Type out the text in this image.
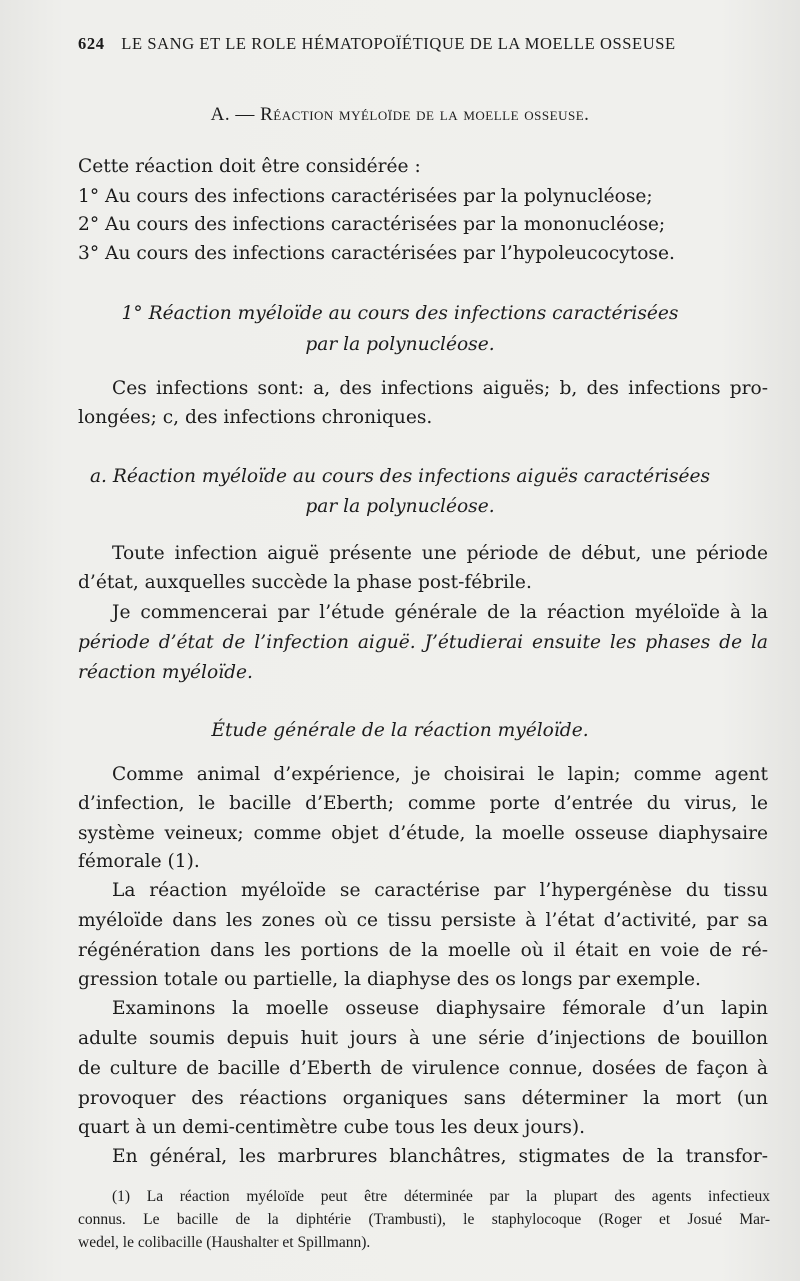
624 LE SANG ET LE ROLE HÉMATOPOÏÉTIQUE DE LA MOELLE OSSEUSE
A. — Réaction myéloïde de la moelle osseuse.
Cette réaction doit être considérée :
1° Au cours des infections caractérisées par la polynucléose;
2° Au cours des infections caractérisées par la mononucléose;
3° Au cours des infections caractérisées par l’hypoleucocytose.
1° Réaction myéloïde au cours des infections caractérisées
par la polynucléose.
Ces infections sont: a, des infections aiguës; b, des infections pro-
longées; c, des infections chroniques.
a. Réaction myéloïde au cours des infections aiguës caractérisées
par la polynucléose.
Toute infection aiguë présente une période de début, une période
d’état, auxquelles succède la phase post-fébrile.
Je commencerai par l’étude générale de la réaction myéloïde à la
période d’état de l’infection aiguë. J’étudierai ensuite les phases de la
réaction myéloïde.
Étude générale de la réaction myéloïde.
Comme animal d’expérience, je choisirai le lapin; comme agent
d’infection, le bacille d’Eberth; comme porte d’entrée du virus, le
système veineux; comme objet d’étude, la moelle osseuse diaphysaire
fémorale (1).
La réaction myéloïde se caractérise par l’hypergénèse du tissu
myéloïde dans les zones où ce tissu persiste à l’état d’activité, par sa
régénération dans les portions de la moelle où il était en voie de ré-
gression totale ou partielle, la diaphyse des os longs par exemple.
Examinons la moelle osseuse diaphysaire fémorale d’un lapin
adulte soumis depuis huit jours à une série d’injections de bouillon
de culture de bacille d’Eberth de virulence connue, dosées de façon à
provoquer des réactions organiques sans déterminer la mort (un
quart à un demi-centimètre cube tous les deux jours).
En général, les marbrures blanchâtres, stigmates de la transfor-
(1) La réaction myéloïde peut être déterminée par la plupart des agents infectieux
connus. Le bacille de la diphtérie (Trambusti), le staphylocoque (Roger et Josué Mar-
wedel, le colibacille (Haushalter et Spillmann).
